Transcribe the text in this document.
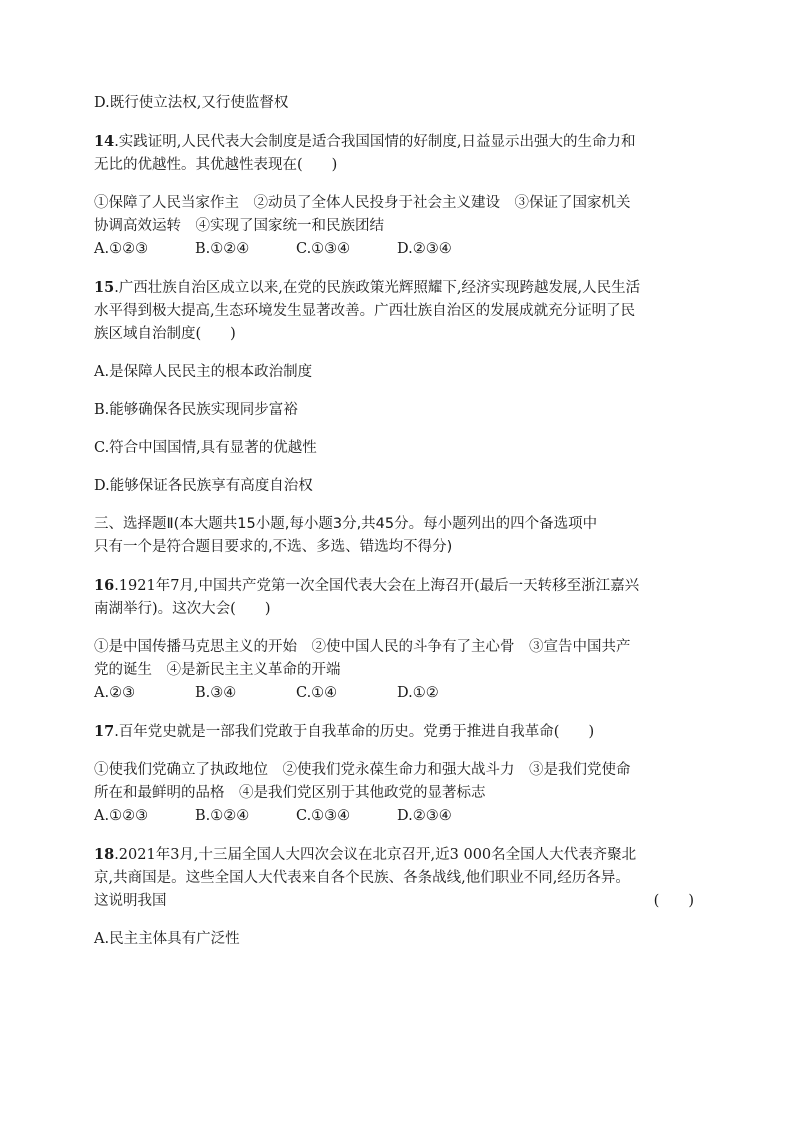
D.既行使立法权,又行使监督权

14.实践证明,人民代表大会制度是适合我国国情的好制度,日益显示出强大的生命力和
无比的优越性。其优越性表现在(　　)

①保障了人民当家作主　②动员了全体人民投身于社会主义建设　③保证了国家机关
协调高效运转　④实现了国家统一和民族团结

A.①②③	B.①②④	C.①③④	D.②③④

15.广西壮族自治区成立以来,在党的民族政策光辉照耀下,经济实现跨越发展,人民生活
水平得到极大提高,生态环境发生显著改善。广西壮族自治区的发展成就充分证明了民
族区域自治制度(　　)

A.是保障人民民主的根本政治制度

B.能够确保各民族实现同步富裕

C.符合中国国情,具有显著的优越性

D.能够保证各民族享有高度自治权

三、选择题Ⅱ(本大题共15小题,每小题3分,共45分。每小题列出的四个备选项中
只有一个是符合题目要求的,不选、多选、错选均不得分)

16.1921年7月,中国共产党第一次全国代表大会在上海召开(最后一天转移至浙江嘉兴
南湖举行)。这次大会(　　)

①是中国传播马克思主义的开始　②使中国人民的斗争有了主心骨　③宣告中国共产
党的诞生　④是新民主主义革命的开端

A.②③	B.③④	C.①④	D.①②

17.百年党史就是一部我们党敢于自我革命的历史。党勇于推进自我革命(　　)

①使我们党确立了执政地位　②使我们党永葆生命力和强大战斗力　③是我们党使命
所在和最鲜明的品格　④是我们党区别于其他政党的显著标志

A.①②③	B.①②④	C.①③④	D.②③④

18.2021年3月,十三届全国人大四次会议在北京召开,近3 000名全国人大代表齐聚北
京,共商国是。这些全国人大代表来自各个民族、各条战线,他们职业不同,经历各异。
这说明我国	(　　)

A.民主主体具有广泛性
